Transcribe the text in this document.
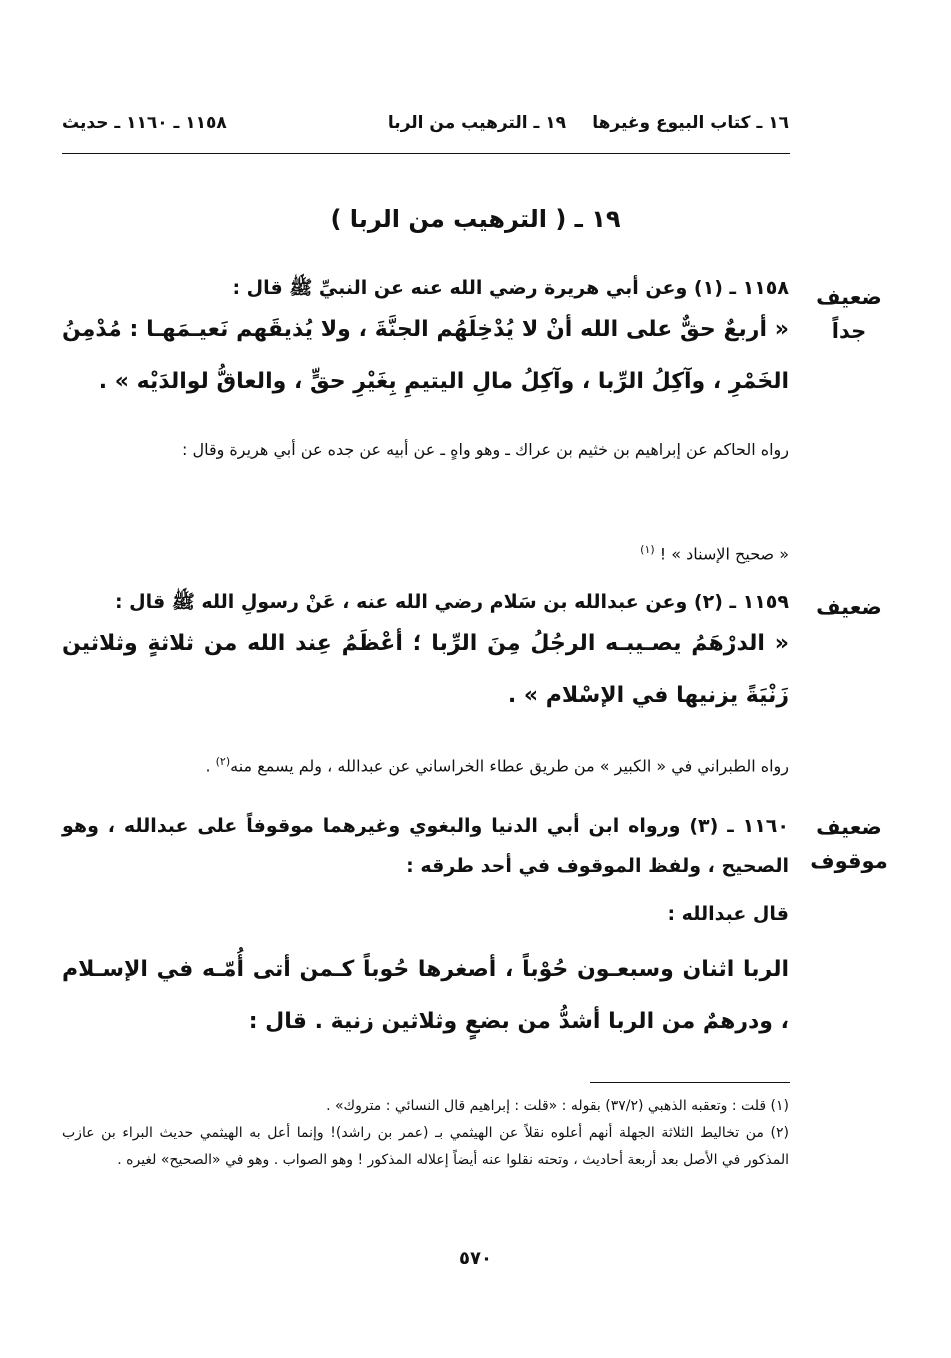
١٦ ـ كتاب البيوع وغيرها
١٩ ـ الترهيب من الربا
١١٥٨ ـ ١١٦٠ ـ حديث
١٩ ـ ( الترهيب من الربا )
ضعيف جداً
١١٥٨ ـ (١) وعن أبي هريرة رضي الله عنه عن النبيِّ ﷺ قال :
« أربعٌ حقٌّ على الله أنْ لا يُدْخِلَهُم الجنَّةَ ، ولا يُذيقَهم نَعيـمَهـا : مُدْمِنُ الخَمْرِ ، وآكِلُ الرِّبا ، وآكِلُ مالِ اليتيمِ بِغَيْرِ حقٍّ ، والعاقُّ لوالدَيْه » .
رواه الحاكم عن إبراهيم بن خثيم بن عراك ـ وهو واهٍ ـ عن أبيه عن جده عن أبي هريرة وقال :
« صحيح الإسناد » ! $^{(١)}$
ضعيف
١١٥٩ ـ (٢) وعن عبدالله بن سَلام رضي الله عنه ، عَنْ رسولِ الله ﷺ قال :
« الدرْهَمُ يصـيبـه الرجُلُ مِنَ الرِّبا ؛ أعْظَمُ عِند الله من ثلاثةٍ وثلاثين زَنْيَةً يزنيها في الإسْلام » .
رواه الطبراني في « الكبير » من طريق عطاء الخراساني عن عبدالله ، ولم يسمع منه$^{(٢)}$ .
ضعيف موقوف
١١٦٠ ـ (٣) ورواه ابن أبي الدنيا والبغوي وغيرهما موقوفاً على عبدالله ، وهو الصحيح ، ولفظ الموقوف في أحد طرقه :
قال عبدالله :
الربا اثنان وسبعـون حُوْباً ، أصغرها حُوباً كـمن أتى أُمّـه في الإسـلام ، ودرهمٌ من الربا أشدُّ من بضعٍ وثلاثين زنية . قال :
(١) قلت : وتعقبه الذهبي (٣٧/٢) بقوله : «قلت : إبراهيم قال النسائي : متروك» .
(٢) من تخاليط الثلاثة الجهلة أنهم أعلوه نقلاً عن الهيثمي بـ (عمر بن راشد)! وإنما أعل به الهيثمي حديث البراء بن عازب المذكور في الأصل بعد أربعة أحاديث ، وتحته نقلوا عنه أيضاً إعلاله المذكور ! وهو الصواب . وهو في «الصحيح» لغيره .
٥٧٠
